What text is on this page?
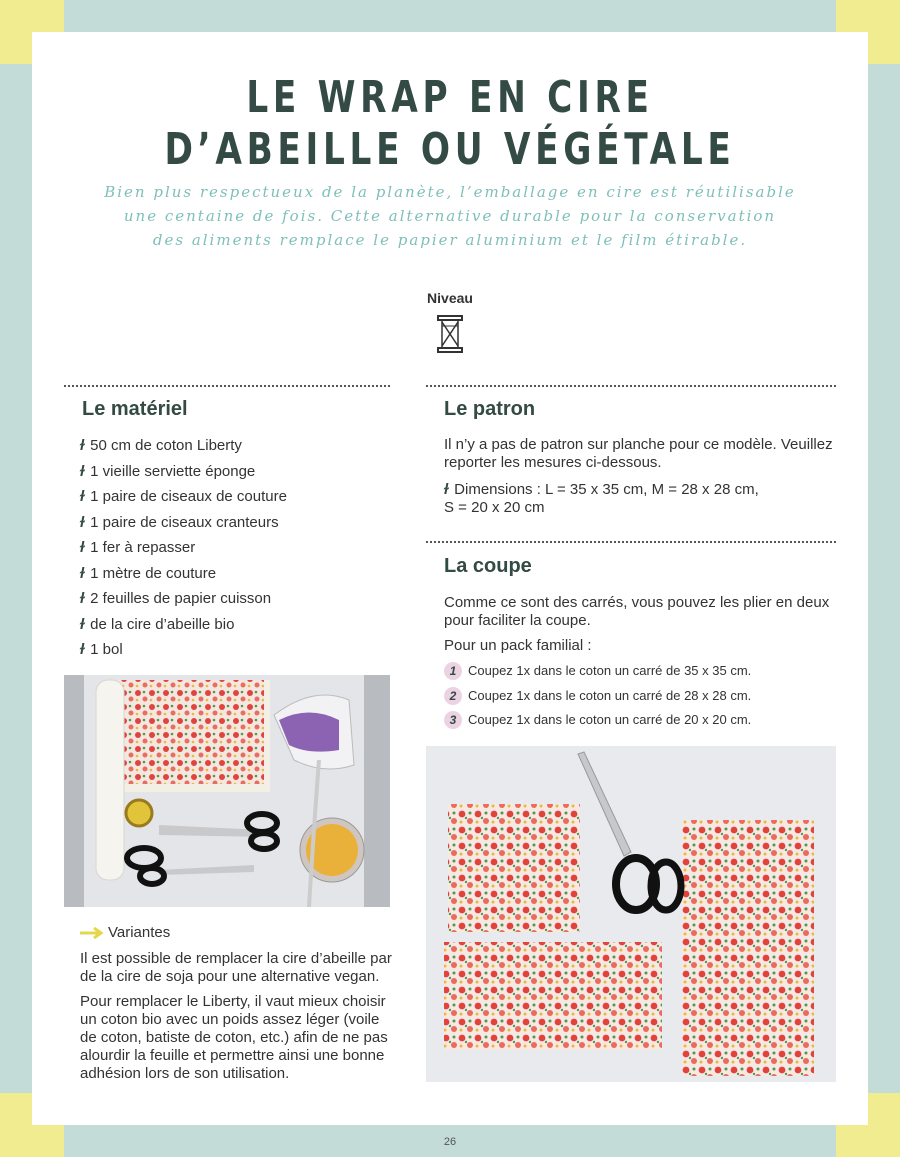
LE WRAP EN CIRE
D’ABEILLE OU VÉGÉTALE
Bien plus respectueux de la planète, l’emballage en cire est réutilisable
une centaine de fois. Cette alternative durable pour la conservation
des aliments remplace le papier aluminium et le film étirable.
Niveau
Le matériel
ɫ 50 cm de coton Liberty
ɫ 1 vieille serviette éponge
ɫ 1 paire de ciseaux de couture
ɫ 1 paire de ciseaux cranteurs
ɫ 1 fer à repasser
ɫ 1 mètre de couture
ɫ 2 feuilles de papier cuisson
ɫ de la cire d’abeille bio
ɫ 1 bol
Variantes
Il est possible de remplacer la cire d’abeille par de la cire de soja pour une alternative vegan.
Pour remplacer le Liberty, il vaut mieux choisir un coton bio avec un poids assez léger (voile de coton, batiste de coton, etc.) afin de ne pas alourdir la feuille et permettre ainsi une bonne adhésion lors de son utilisation.
Le patron
Il n’y a pas de patron sur planche pour ce modèle. Veuillez reporter les mesures ci-dessous.
ɫ Dimensions : L = 35 x 35 cm, M = 28 x 28 cm,
S = 20 x 20 cm
La coupe
Comme ce sont des carrés, vous pouvez les plier en deux pour faciliter la coupe.
Pour un pack familial :
1 Coupez 1x dans le coton un carré de 35 x 35 cm.
2 Coupez 1x dans le coton un carré de 28 x 28 cm.
3 Coupez 1x dans le coton un carré de 20 x 20 cm.
26
